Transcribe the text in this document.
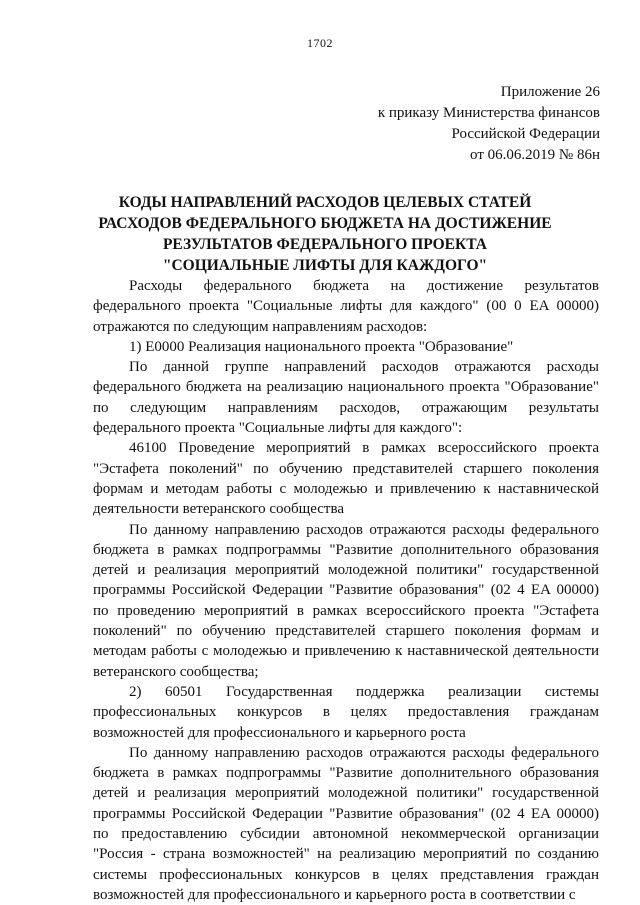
1702
Приложение 26
к приказу Министерства финансов
Российской Федерации
от 06.06.2019 № 86н
КОДЫ НАПРАВЛЕНИЙ РАСХОДОВ ЦЕЛЕВЫХ СТАТЕЙ
РАСХОДОВ ФЕДЕРАЛЬНОГО БЮДЖЕТА НА ДОСТИЖЕНИЕ
РЕЗУЛЬТАТОВ ФЕДЕРАЛЬНОГО ПРОЕКТА
"СОЦИАЛЬНЫЕ ЛИФТЫ ДЛЯ КАЖДОГО"

Расходы федерального бюджета на достижение результатов
федерального проекта "Социальные лифты для каждого" (00 0 EA 00000)
отражаются по следующим направлениям расходов:

1) Е0000 Реализация национального проекта "Образование"

По данной группе направлений расходов отражаются расходы
федерального бюджета на реализацию национального проекта "Образование"
по следующим направлениям расходов, отражающим результаты
федерального проекта "Социальные лифты для каждого":

46100 Проведение мероприятий в рамках всероссийского проекта
"Эстафета поколений" по обучению представителей старшего поколения
формам и методам работы с молодежью и привлечению к наставнической
деятельности ветеранского сообщества

По данному направлению расходов отражаются расходы федерального
бюджета в рамках подпрограммы "Развитие дополнительного образования
детей и реализация мероприятий молодежной политики" государственной
программы Российской Федерации "Развитие образования" (02 4 EA 00000)
по проведению мероприятий в рамках всероссийского проекта "Эстафета
поколений" по обучению представителей старшего поколения формам и
методам работы с молодежью и привлечению к наставнической деятельности
ветеранского сообщества;

2) 60501 Государственная поддержка реализации системы
профессиональных конкурсов в целях предоставления гражданам
возможностей для профессионального и карьерного роста

По данному направлению расходов отражаются расходы федерального
бюджета в рамках подпрограммы "Развитие дополнительного образования
детей и реализация мероприятий молодежной политики" государственной
программы Российской Федерации "Развитие образования" (02 4 EA 00000)
по предоставлению субсидии автономной некоммерческой организации
"Россия - страна возможностей" на реализацию мероприятий по созданию
системы профессиональных конкурсов в целях представления граждан
возможностей для профессионального и карьерного роста в соответствии с
